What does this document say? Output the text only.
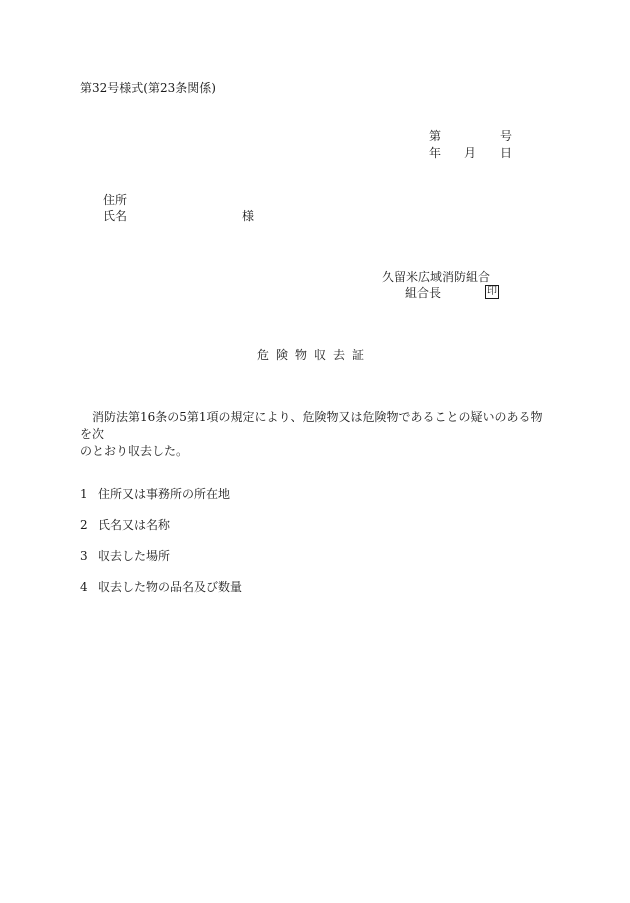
第32号様式(第23条関係)
第	号
年 月 日
住所
氏名	様
久留米広域消防組合
組合長	印
危険物収去証
消防法第16条の5第1項の規定により、危険物又は危険物であることの疑いのある物を次
のとおり収去した。
1 住所又は事務所の所在地
2 氏名又は名称
3 収去した場所
4 収去した物の品名及び数量
